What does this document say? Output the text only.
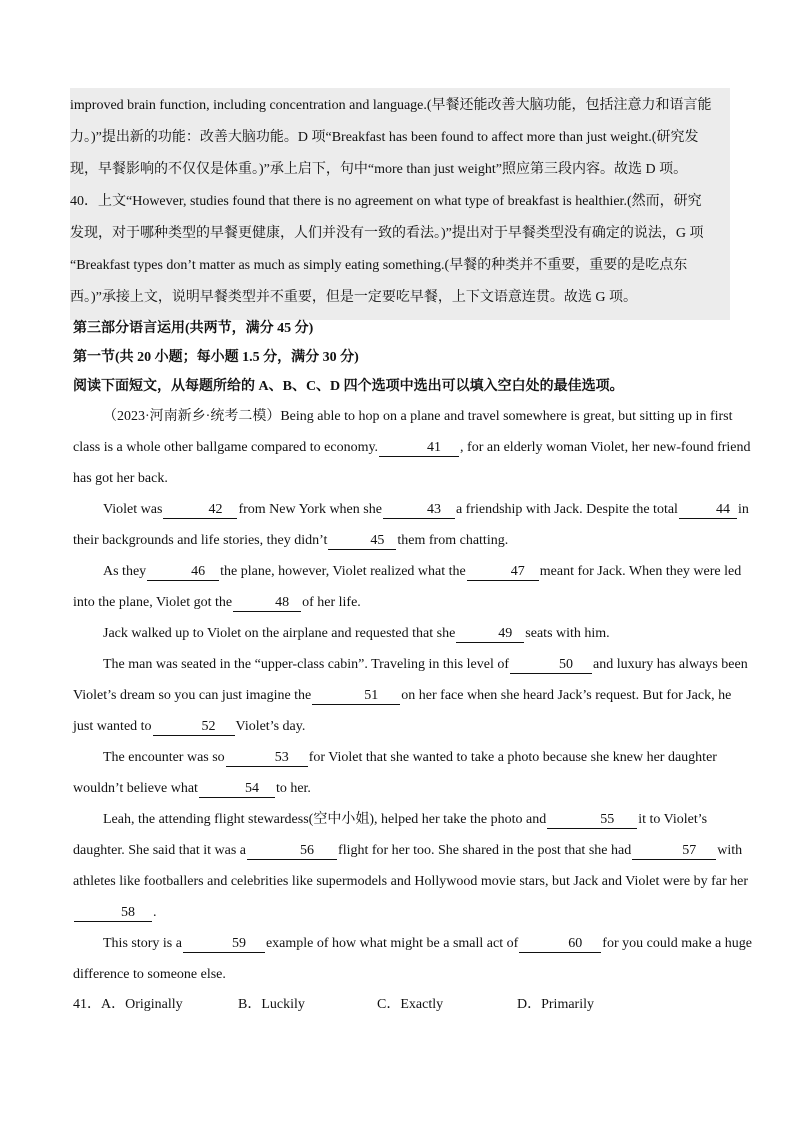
improved brain function, including concentration and language.(早餐还能改善大脑功能，包括注意力和语言能

力。)”提出新的功能：改善大脑功能。D 项“Breakfast has been found to affect more than just weight.(研究发

现，早餐影响的不仅仅是体重。)”承上启下，句中“more than just weight”照应第三段内容。故选 D 项。

40．上文“However, studies found that there is no agreement on what type of breakfast is healthier.(然而，研究

发现，对于哪种类型的早餐更健康，人们并没有一致的看法。)”提出对于早餐类型没有确定的说法，G 项

“Breakfast types don’t matter as much as simply eating something.(早餐的种类并不重要，重要的是吃点东

西。)”承接上文，说明早餐类型并不重要，但是一定要吃早餐，上下文语意连贯。故选 G 项。

第三部分语言运用(共两节，满分 45 分)

第一节(共 20 小题；每小题 1.5 分，满分 30 分)

阅读下面短文，从每题所给的 A、B、C、D 四个选项中选出可以填入空白处的最佳选项。

（2023·河南新乡·统考二模）Being able to hop on a plane and travel somewhere is great, but sitting up in first class is a whole other ballgame compared to economy.	41 , for an elderly woman Violet, her new-found friend has got her back.

Violet was	42 from New York when she	43 a friendship with Jack. Despite the total	44 in their backgrounds and life stories, they didn’t	45 them from chatting.

As they	46 the plane, however, Violet realized what the	47 meant for Jack. When they were led into the plane, Violet got the	48 of her life.

Jack walked up to Violet on the airplane and requested that she	49 seats with him.

The man was seated in the “upper-class cabin”. Traveling in this level of	50 and luxury has always been Violet’s dream so you can just imagine the	51 on her face when she heard Jack’s request. But for Jack, he just wanted to	52 Violet’s day.

The encounter was so	53 for Violet that she wanted to take a photo because she knew her daughter wouldn’t believe what	54 to her.

Leah, the attending flight stewardess(空中小姐), helped her take the photo and	55 it to Violet’s daughter. She said that it was a	56 flight for her too. She shared in the post that she had	57 with athletes like footballers and celebrities like supermodels and Hollywood movie stars, but Jack and Violet were by far her58 .

This story is a	59 example of how what might be a small act of	60 for you could make a huge difference to someone else.

41．A．Originally	B．Luckily	C．Exactly	D．Primarily
